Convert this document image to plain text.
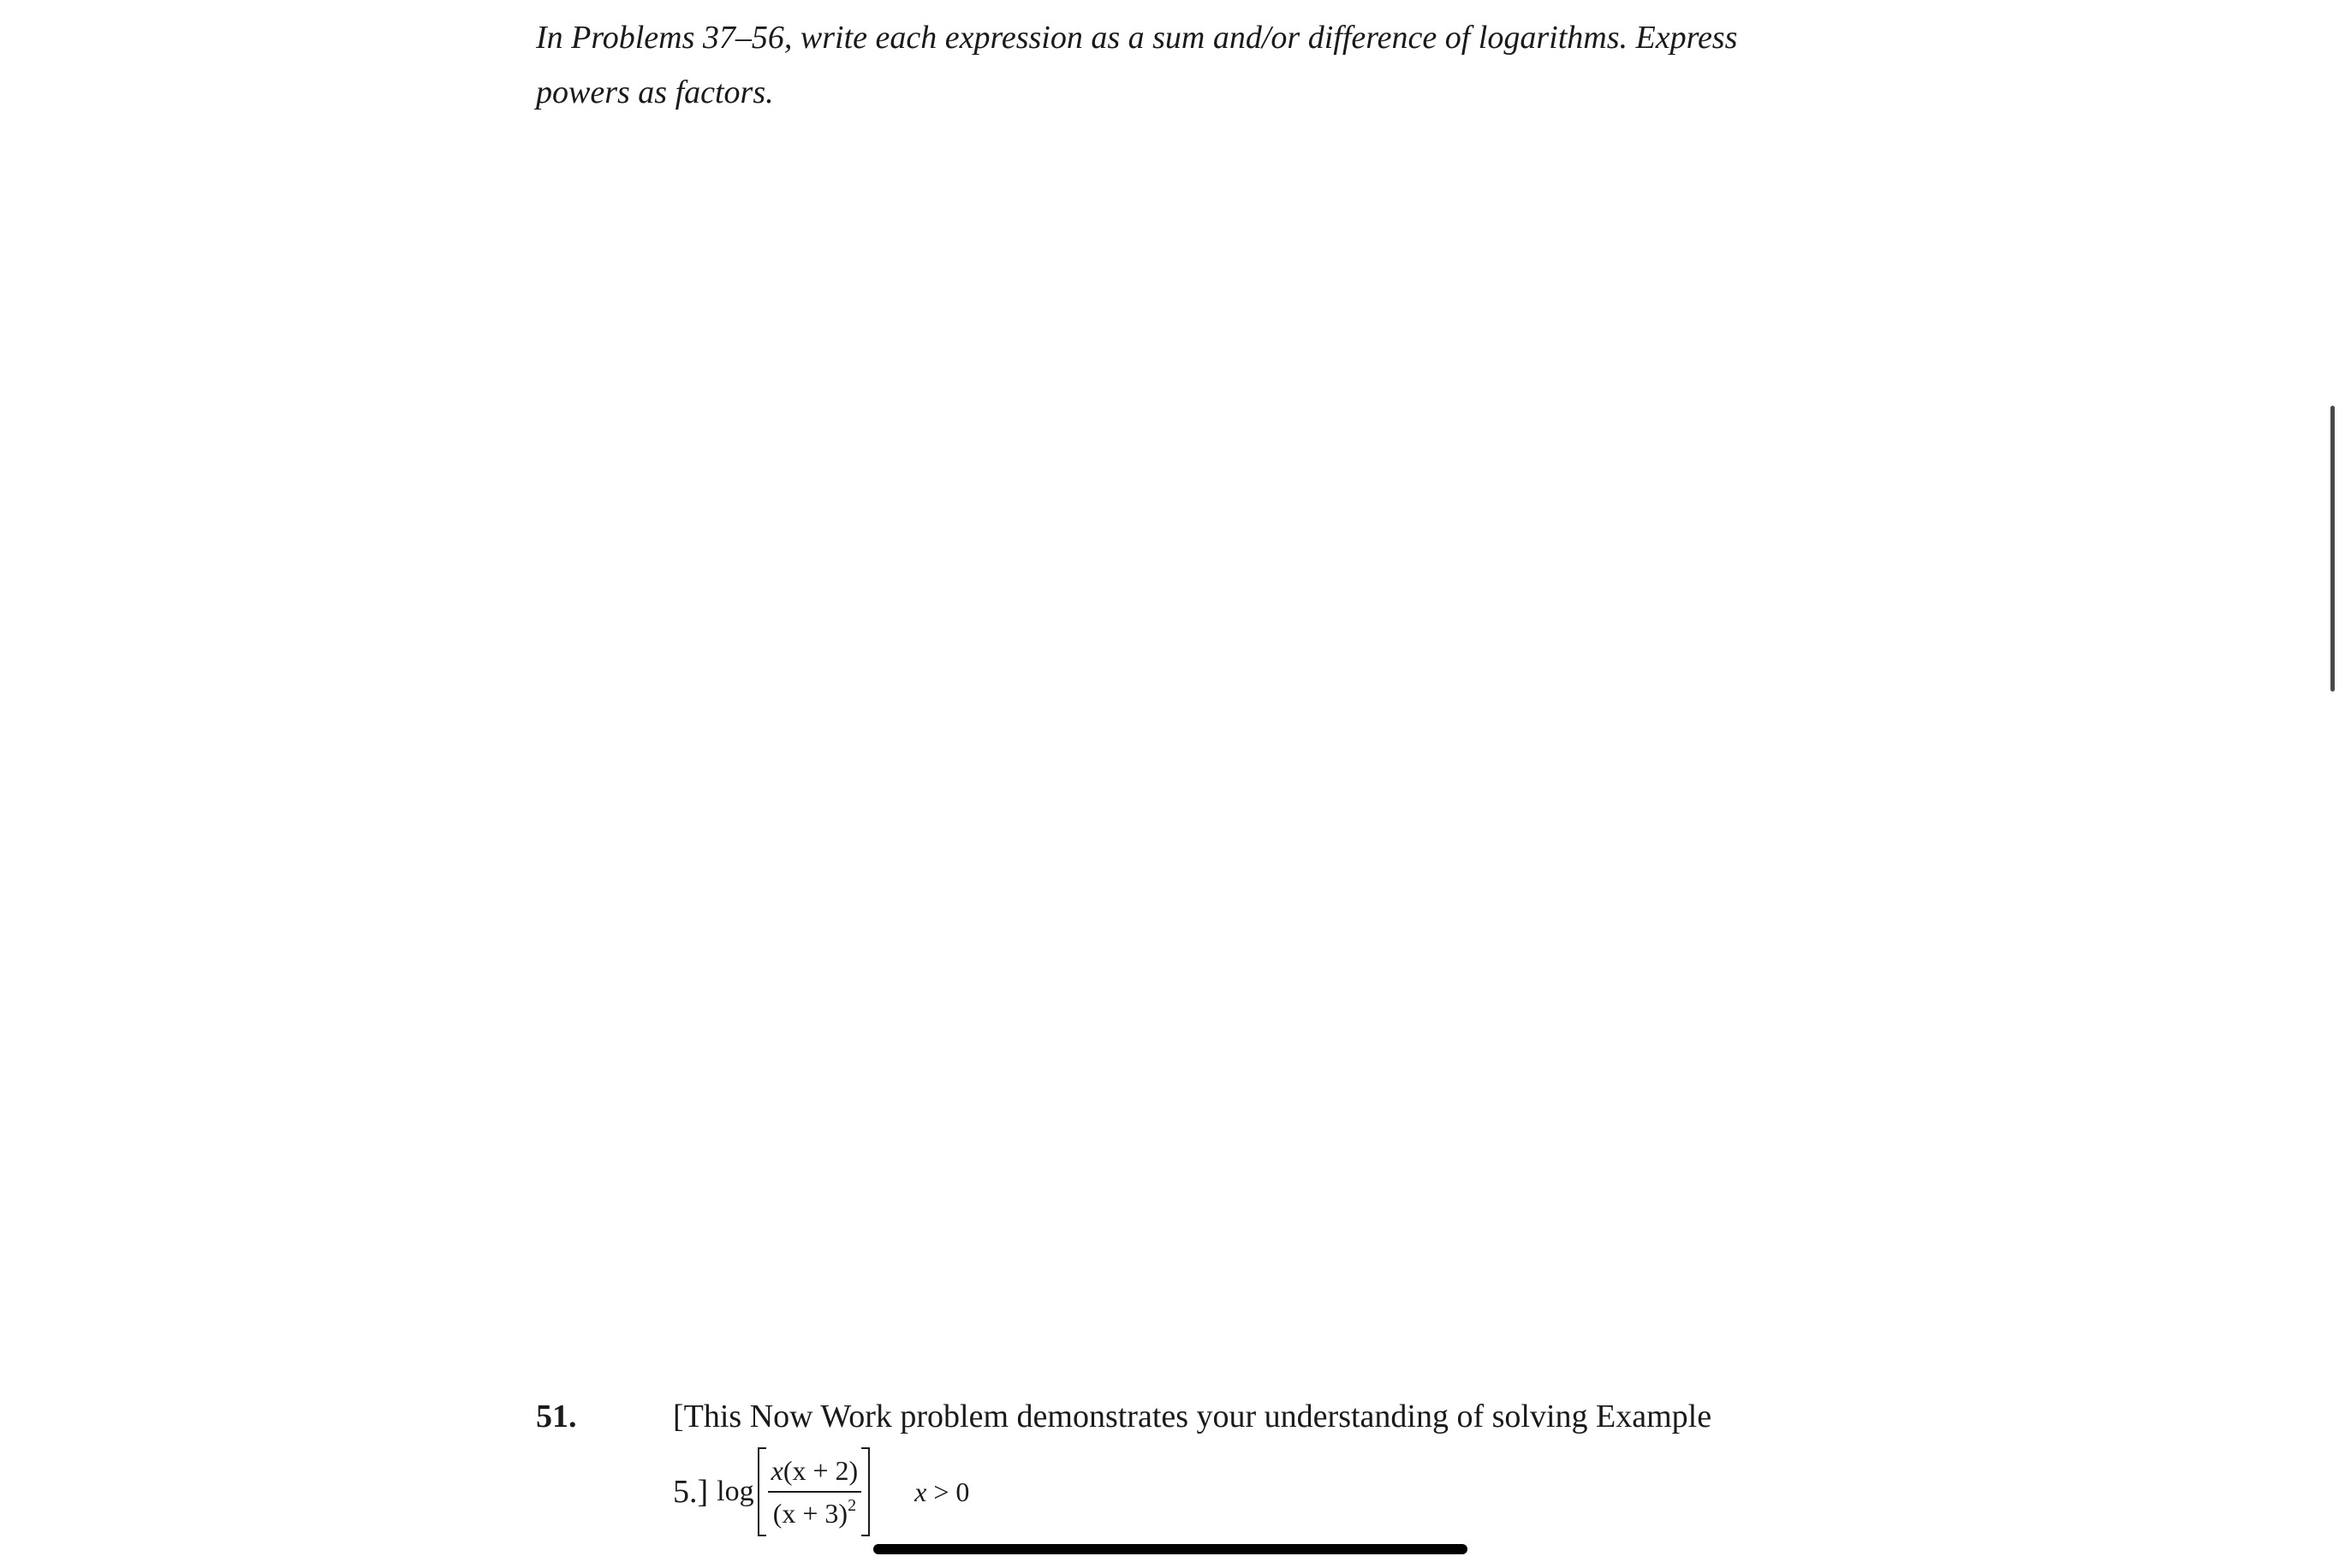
In Problems 37–56, write each expression as a sum and/or difference of logarithms. Express powers as factors.

51.	[This Now Work problem demonstrates your understanding of solving Example
5.] $\log \frac{x(x + 2)}{(x + 3)^2}$ x > 0
